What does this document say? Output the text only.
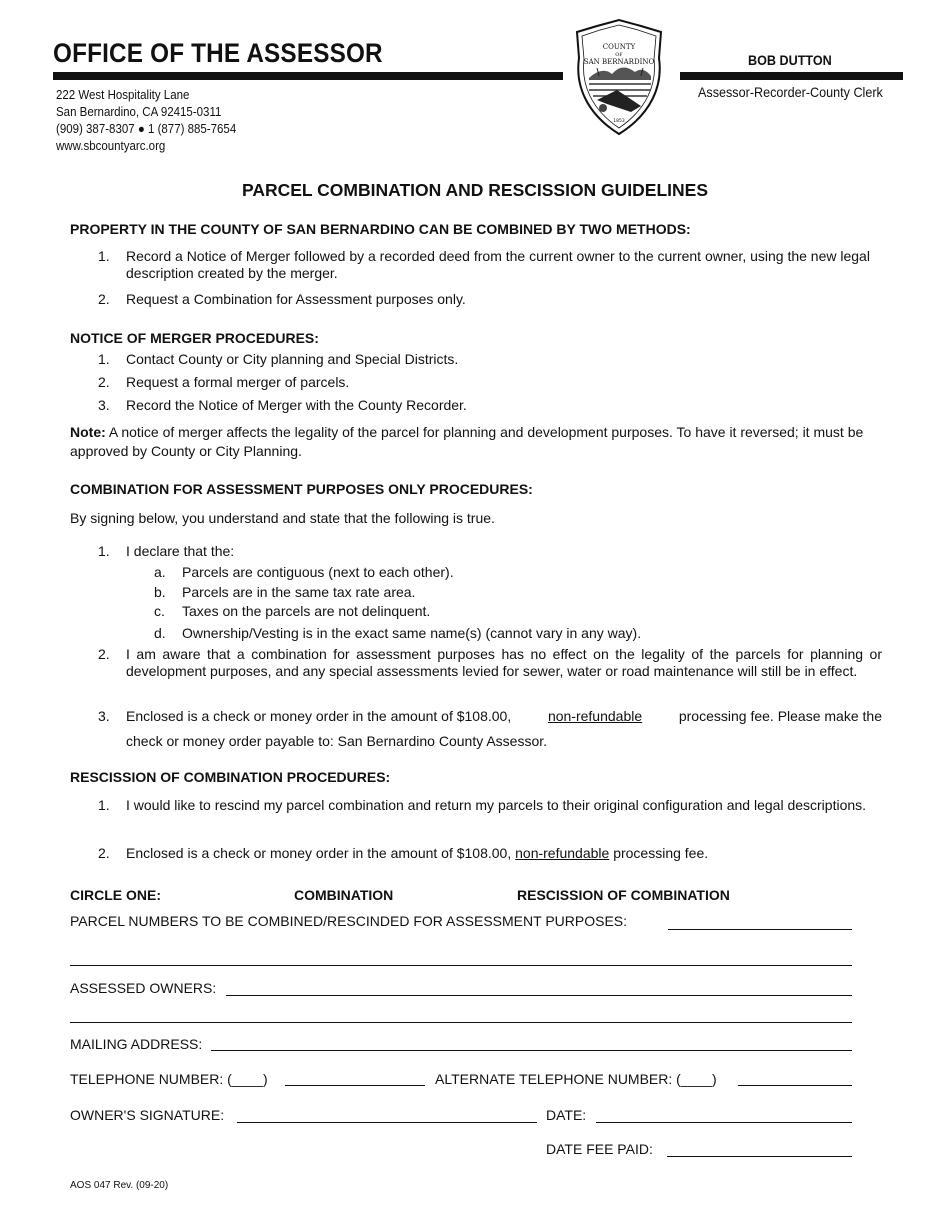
OFFICE OF THE ASSESSOR
222 West Hospitality Lane
San Bernardino, CA 92415-0311
(909) 387-8307 ● 1 (877) 885-7654
www.sbcountyarc.org
COUNTY
OF
SAN BERNARDINO
1853
BOB DUTTON
Assessor-Recorder-County Clerk
PARCEL COMBINATION AND RESCISSION GUIDELINES
PROPERTY IN THE COUNTY OF SAN BERNARDINO CAN BE COMBINED BY TWO METHODS:
1. Record a Notice of Merger followed by a recorded deed from the current owner to the current owner, using the new legal description created by the merger.
2. Request a Combination for Assessment purposes only.
NOTICE OF MERGER PROCEDURES:
1. Contact County or City planning and Special Districts.
2. Request a formal merger of parcels.
3. Record the Notice of Merger with the County Recorder.
Note: A notice of merger affects the legality of the parcel for planning and development purposes. To have it reversed; it must be approved by County or City Planning.
COMBINATION FOR ASSESSMENT PURPOSES ONLY PROCEDURES:
By signing below, you understand and state that the following is true.
1. I declare that the:
a. Parcels are contiguous (next to each other).
b. Parcels are in the same tax rate area.
c. Taxes on the parcels are not delinquent.
d. Ownership/Vesting is in the exact same name(s) (cannot vary in any way).
2. I am aware that a combination for assessment purposes has no effect on the legality of the parcels for planning or development purposes, and any special assessments levied for sewer, water or road maintenance will still be in effect.
3. Enclosed is a check or money order in the amount of $108.00, non-refundable processing fee. Please make the
check or money order payable to: San Bernardino County Assessor.
RESCISSION OF COMBINATION PROCEDURES:
1. I would like to rescind my parcel combination and return my parcels to their original configuration and legal descriptions.
2. Enclosed is a check or money order in the amount of $108.00, non-refundable processing fee.
CIRCLE ONE:	COMBINATION	RESCISSION OF COMBINATION
PARCEL NUMBERS TO BE COMBINED/RESCINDED FOR ASSESSMENT PURPOSES:
ASSESSED OWNERS:
MAILING ADDRESS:
TELEPHONE NUMBER: (____)	ALTERNATE TELEPHONE NUMBER: (____)
OWNER'S SIGNATURE:	DATE:
DATE FEE PAID:
AOS 047 Rev. (09-20)
